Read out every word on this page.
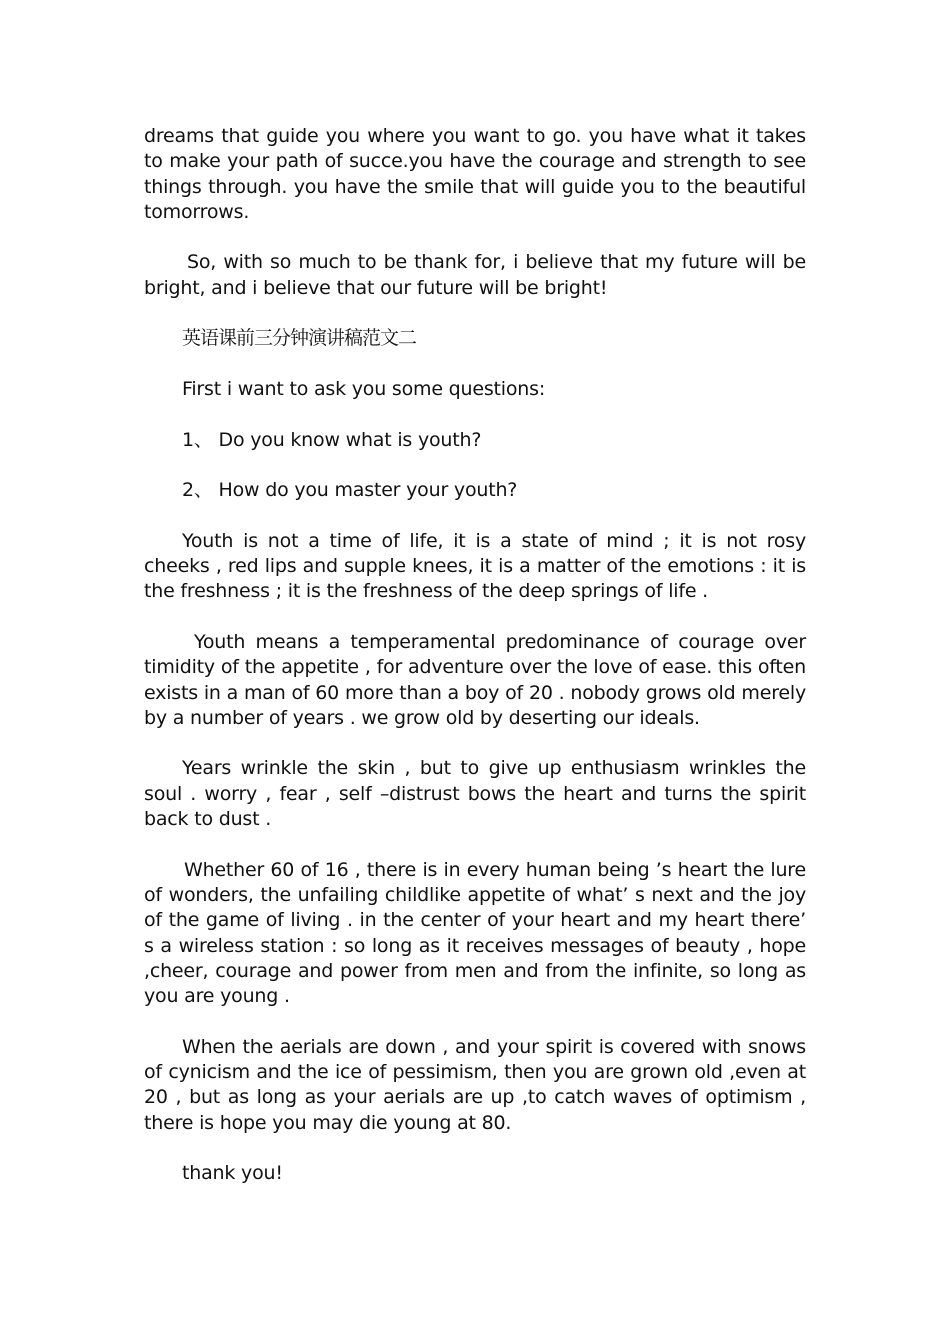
dreams that guide you where you want to go. you have what it takes to make your path of succe.you have the courage and strength to see things through. you have the smile that will guide you to the beautiful tomorrows.

So, with so much to be thank for, i believe that my future will be bright, and i believe that our future will be bright!

英语课前三分钟演讲稿范文二

First i want to ask you some questions:

1、 Do you know what is youth?

2、 How do you master your youth?

Youth is not a time of life, it is a state of mind ; it is not rosy cheeks , red lips and supple knees, it is a matter of the emotions : it is the freshness ; it is the freshness of the deep springs of life .

Youth means a temperamental predominance of courage over timidity of the appetite , for adventure over the love of ease. this often exists in a man of 60 more than a boy of 20 . nobody grows old merely by a number of years . we grow old by deserting our ideals.

Years wrinkle the skin , but to give up enthusiasm wrinkles the soul . worry , fear , self –distrust bows the heart and turns the spirit back to dust .

Whether 60 of 16 , there is in every human being ’s heart the lure of wonders, the unfailing childlike appetite of what’ s next and the joy of the game of living . in the center of your heart and my heart there’ s a wireless station : so long as it receives messages of beauty , hope ,cheer, courage and power from men and from the infinite, so long as you are young .

When the aerials are down , and your spirit is covered with snows of cynicism and the ice of pessimism, then you are grown old ,even at 20 , but as long as your aerials are up ,to catch waves of optimism , there is hope you may die young at 80.

thank you!
